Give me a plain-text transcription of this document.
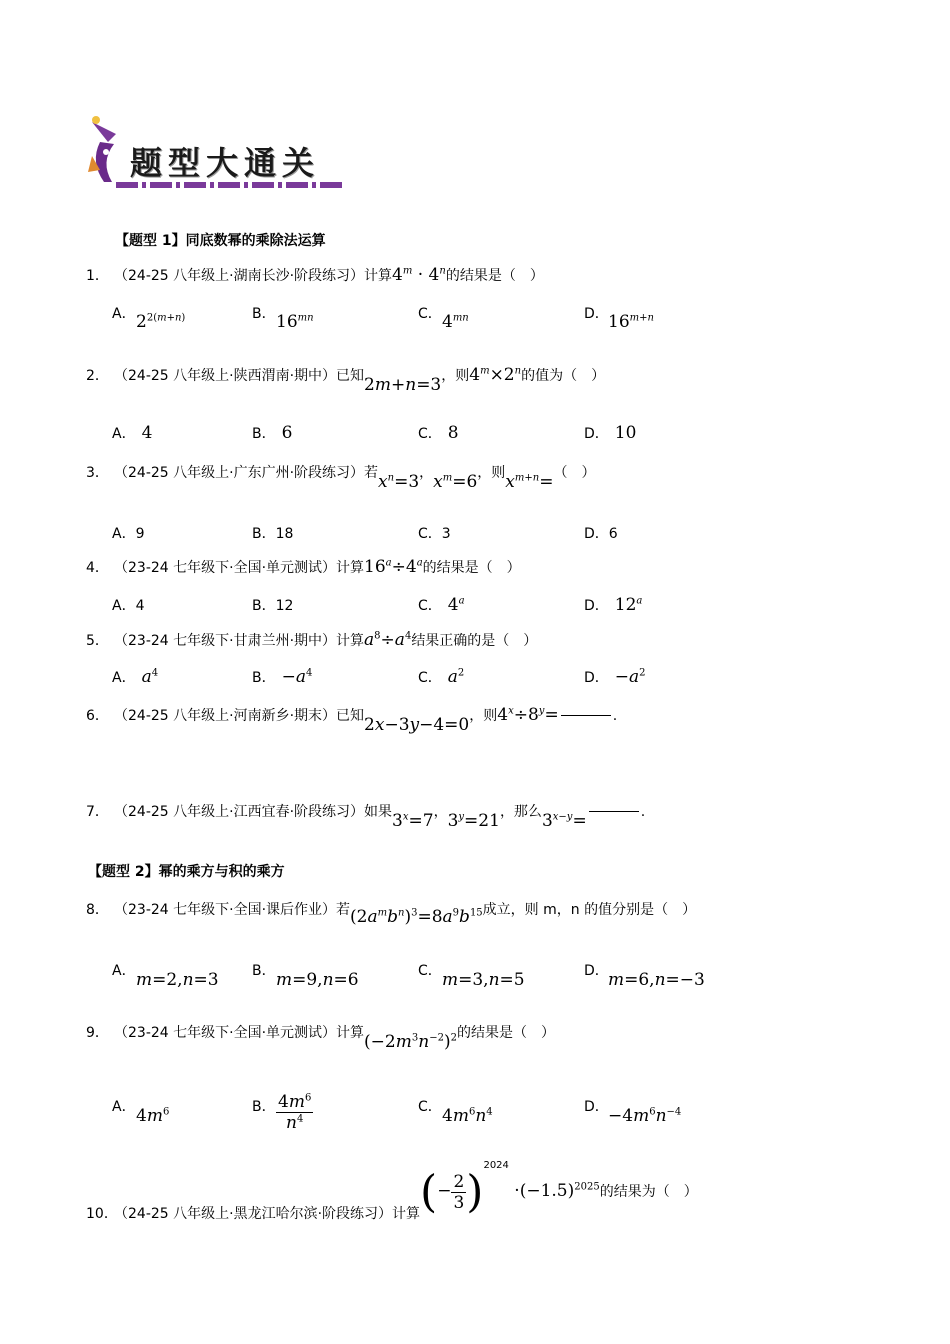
题型大通关
【题型 1】同底数幂的乘除法运算
1． （24-25 八年级上·湖南长沙·阶段练习）计算$4^m \cdot 4^n$的结果是（　）
A． $2^{2(m+n)}$	B． $16^{mn}$	C． $4^{mn}$	D． $16^{m+n}$
2． （24-25 八年级上·陕西渭南·期中）已知2m+n=3，则$4^m\times 2^n$的值为（　）
A． 4	B． 6	C． 8	D． 10
3． （24-25 八年级上·广东广州·阶段练习）若$x^n=3$，$x^m=6$，则$x^{m+n}=$（　）
A．9	B．18	C．3	D．6
4． （23-24 七年级下·全国·单元测试）计算$16^a\div 4^a$的结果是（　）
A．4	B．12	C． 4$^a$	D． 12$^a$
5． （23-24 七年级下·甘肃兰州·期中）计算$a^8\div a^4$结果正确的是（　）
A． $a^4$	B． $-a^4$	C． $a^2$	D． $-a^2$
6． （24-25 八年级上·河南新乡·期末）已知2x−3y−4=0，则$4^x\div 8^y=$	.
7． （24-25 八年级上·江西宜春·阶段练习）如果$3^x=7$，$3^y=21$，那么$3^{x-y}=$	.
【题型 2】幂的乘方与积的乘方
8． （23-24 七年级下·全国·课后作业）若$(2a^mb^n)^3=8a^9b^{15}$成立，则 m，n 的值分别是（　）
A． m=2,n=3 B． m=9,n=6	C． m=3,n=5	D． m=6,n=−3
9． （23-24 七年级下·全国·单元测试）计算$(-2m^3n^{-2})^2$的结果是（　）
A． $4m^6$	B． $\frac{4m^6}{n^4}$	C． $4m^6n^4$	D． $-4m^6n^{-4}$
10．（24-25 八年级上·黑龙江哈尔滨·阶段练习）计算(− $\frac{2}{3} )^{2024} \cdot(-1.5)^{2025}$的结果为（　）
